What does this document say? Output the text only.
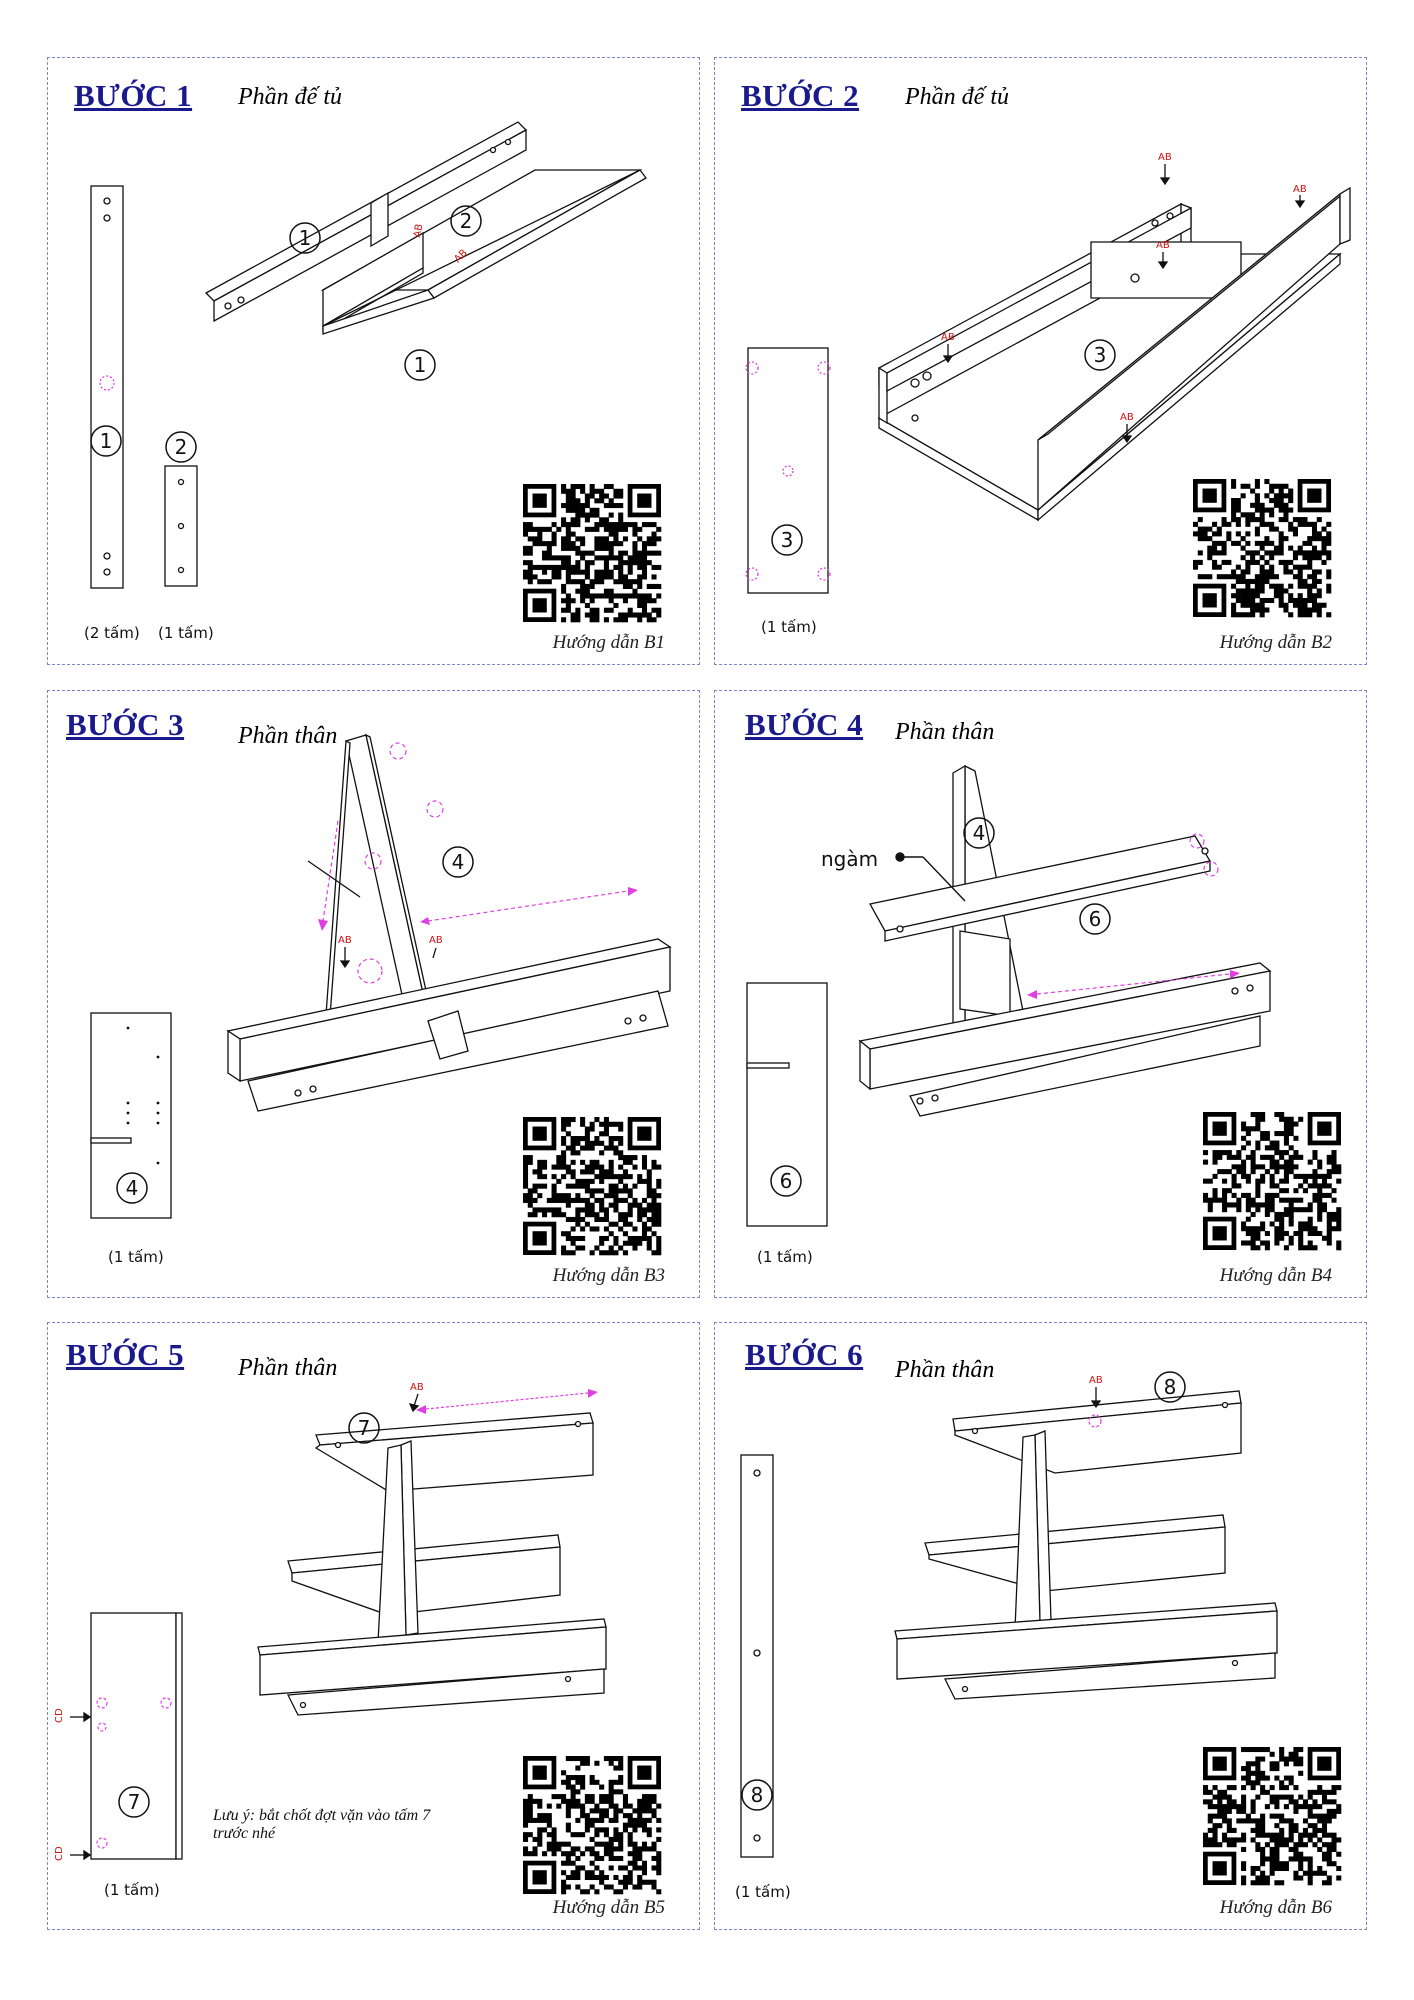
BƯỚC 1 Phần đế tủ
1
2
1
1	2
AB
AB
(2 tấm) (1 tấm)	Hướng dẫn B1
BƯỚC 2 Phần đế tủ
3
3
AB
AB
AB
AB
AB
(1 tấm)
Hướng dẫn B2
BƯỚC 3 Phần thân
4
4
AB	AB
(1 tấm)
Hướng dẫn B3
BƯỚC 4 Phần thân
ngàm
6
4
6
(1 tấm)
Hướng dẫn B4
BƯỚC 5 Phần thân
Lưu ý: bắt chốt đợt vặn vào tấm 7 trước nhé
AB
CD
CD
7
7
(1 tấm)
Hướng dẫn B5
BƯỚC 6 Phần thân	AB
8
8
(1 tấm)
Hướng dẫn B6
